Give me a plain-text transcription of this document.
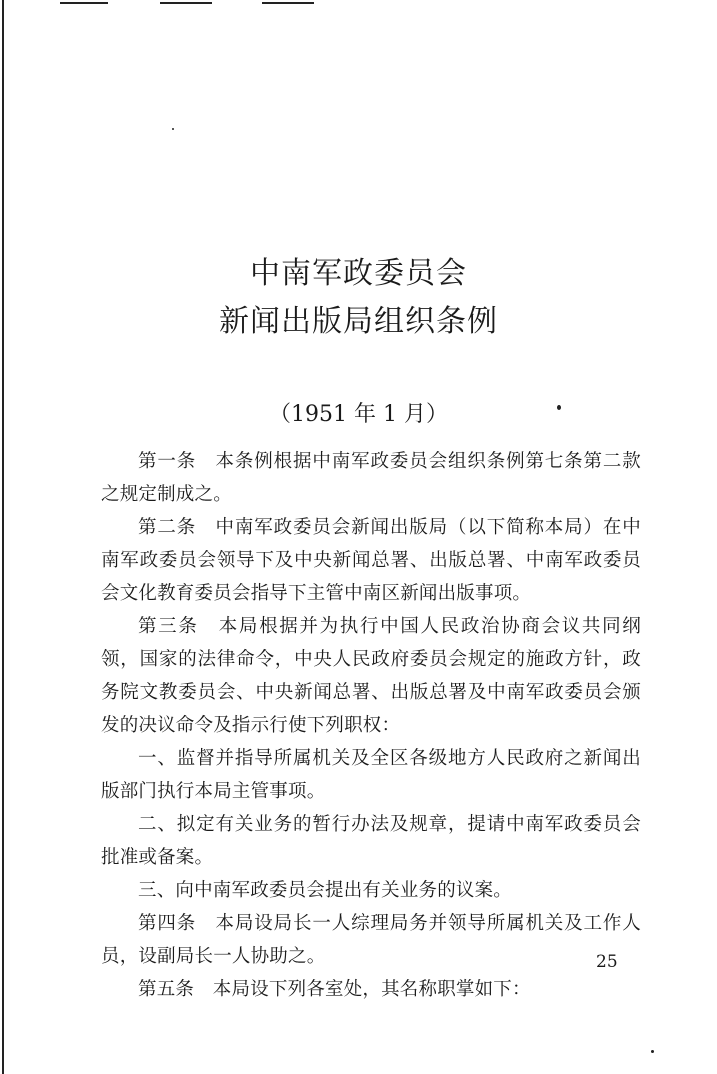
中南军政委员会

新闻出版局组织条例

（1951 年 1 月）

第一条　本条例根据中南军政委员会组织条例第七条第二款之规定制成之。

第二条　中南军政委员会新闻出版局（以下简称本局）在中南军政委员会领导下及中央新闻总署、出版总署、中南军政委员会文化教育委员会指导下主管中南区新闻出版事项。

第三条　本局根据并为执行中国人民政治协商会议共同纲领，国家的法律命令，中央人民政府委员会规定的施政方针，政务院文教委员会、中央新闻总署、出版总署及中南军政委员会颁发的决议命令及指示行使下列职权：

一、监督并指导所属机关及全区各级地方人民政府之新闻出版部门执行本局主管事项。

二、拟定有关业务的暂行办法及规章，提请中南军政委员会批准或备案。

三、向中南军政委员会提出有关业务的议案。

第四条　本局设局长一人综理局务并领导所属机关及工作人员，设副局长一人协助之。

第五条　本局设下列各室处，其名称职掌如下：

25
